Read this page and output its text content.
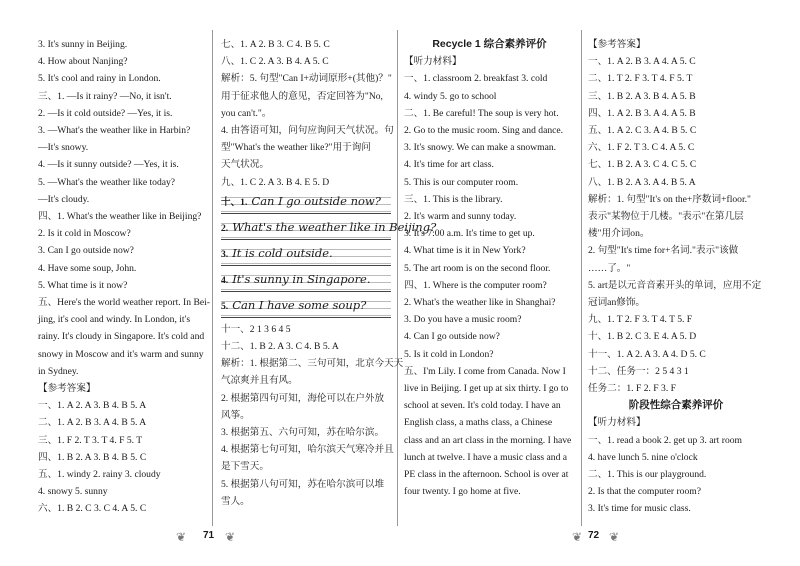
3. It's sunny in Beijing.
4. How about Nanjing?
5. It's cool and rainy in London.
三、1. —Is it rainy? —No, it isn't.
2. —Is it cold outside? —Yes, it is.
3. —What's the weather like in Harbin?
—It's snowy.
4. —Is it sunny outside? —Yes, it is.
5. —What's the weather like today?
—It's cloudy.
四、1. What's the weather like in Beijing?
2. Is it cold in Moscow?
3. Can I go outside now?
4. Have some soup, John.
5. What time is it now?
五、Here's the world weather report. In Bei-
jing, it's cool and windy. In London, it's
rainy. It's cloudy in Singapore. It's cold and
snowy in Moscow and it's warm and sunny
in Sydney.
【参考答案】
一、1. A 2. A 3. B 4. B 5. A
二、1. A 2. B 3. A 4. B 5. A
三、1. F 2. T 3. T 4. F 5. T
四、1. B 2. A 3. B 4. B 5. C
五、1. windy 2. rainy 3. cloudy
4. snowy 5. sunny
六、1. B 2. C 3. C 4. A 5. C
七、1. A 2. B 3. C 4. B 5. C
八、1. C 2. A 3. B 4. A 5. C
解析：5. 句型"Can I+动词原形+(其他)？"
用于征求他人的意见，否定回答为"No,
you can't."。
4. 由答语可知，问句应询问天气状况。句
型"What's the weather like?"用于询问
天气状况。
九、1. C 2. A 3. B 4. E 5. D
十、1. Can I go outside now?
2. What's the weather like in Beijing?
3. It is cold outside.
4. It's sunny in Singapore.
5. Can I have some soup?
十一、2 1 3 6 4 5
十二、1. B 2. A 3. C 4. B 5. A
解析：1. 根据第二、三句可知，北京今天天
气凉爽并且有风。
2. 根据第四句可知，海伦可以在户外放
风筝。
3. 根据第五、六句可知，苏在哈尔滨。
4. 根据第七句可知，哈尔滨天气寒冷并且
是下雪天。
5. 根据第八句可知，苏在哈尔滨可以堆
雪人。
Recycle 1 综合素养评价
【听力材料】
一、1. classroom 2. breakfast 3. cold
4. windy 5. go to school
二、1. Be careful! The soup is very hot.
2. Go to the music room. Sing and dance.
3. It's snowy. We can make a snowman.
4. It's time for art class.
5. This is our computer room.
三、1. This is the library.
2. It's warm and sunny today.
3. It's 7:00 a.m. It's time to get up.
4. What time is it in New York?
5. The art room is on the second floor.
四、1. Where is the computer room?
2. What's the weather like in Shanghai?
3. Do you have a music room?
4. Can I go outside now?
5. Is it cold in London?
五、I'm Lily. I come from Canada. Now I
live in Beijing. I get up at six thirty. I go to
school at seven. It's cold today. I have an
English class, a maths class, a Chinese
class and an art class in the morning. I have
lunch at twelve. I have a music class and a
PE class in the afternoon. School is over at
four twenty. I go home at five.
【参考答案】
一、1. A 2. B 3. A 4. A 5. C
二、1. T 2. F 3. T 4. F 5. T
三、1. B 2. A 3. B 4. A 5. B
四、1. A 2. B 3. A 4. A 5. B
五、1. A 2. C 3. A 4. B 5. C
六、1. F 2. T 3. C 4. A 5. C
七、1. B 2. A 3. C 4. C 5. C
八、1. B 2. A 3. A 4. B 5. A
解析：1. 句型"It's on the+序数词+floor."
表示"某物位于几楼。"表示"在第几层
楼"用介词on。
2. 句型"It's time for+名词."表示"该做
……了。"
5. art是以元音音素开头的单词，应用不定
冠词an修饰。
九、1. T 2. F 3. T 4. T 5. F
十、1. B 2. C 3. E 4. A 5. D
十一、1. A 2. A 3. A 4. D 5. C
十二、任务一：2 5 4 3 1
任务二：1. F 2. F 3. F
阶段性综合素养评价
【听力材料】
一、1. read a book 2. get up 3. art room
4. have lunch 5. nine o'clock
二、1. This is our playground.
2. Is that the computer room?
3. It's time for music class.
❦ 71 ❦	❦ 72 ❦
